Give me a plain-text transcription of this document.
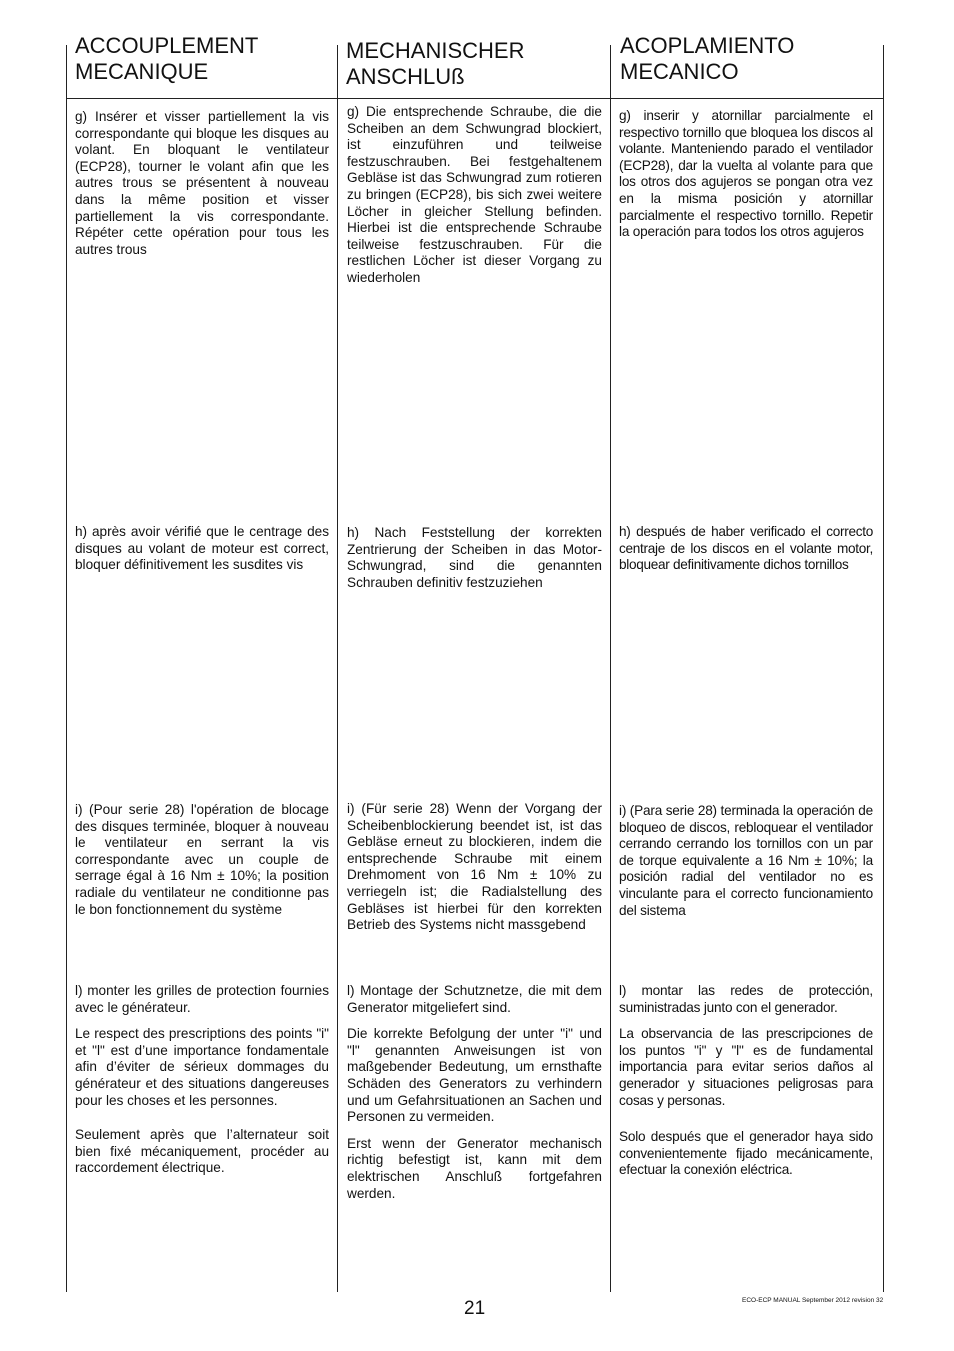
ACCOUPLEMENT
MECANIQUE
MECHANISCHER
ANSCHLUß
ACOPLAMIENTO
MECANICO

g) Insérer et visser partiellement la vis correspondante qui bloque les disques au volant. En bloquant le ventilateur (ECP28), tourner le volant afin que les autres trous se présentent à nouveau dans la même position et visser partiellement la vis correspondante. Répéter cette opération pour tous les autres trous

h) après avoir vérifié que le centrage des disques au volant de moteur est correct, bloquer définitivement les susdites vis

i) (Pour serie 28) l'opération de blocage des disques terminée, bloquer à nouveau le ventilateur en serrant la vis correspondante avec un couple de serrage égal à 16 Nm ± 10%; la position radiale du ventilateur ne conditionne pas le bon fonctionnement du système

l) monter les grilles de protection fournies avec le générateur.

Le respect des prescriptions des points "i" et "l" est d’une importance fondamentale afin d’éviter de sérieux dommages du générateur et des situations dangereuses pour les choses et les personnes.

Seulement après que l’alternateur soit bien fixé mécaniquement, procéder au raccordement électrique.

g) Die entsprechende Schraube, die die Scheiben an dem Schwungrad blockiert, ist einzuführen und teilweise festzuschrauben. Bei festgehaltenem Gebläse ist das Schwungrad zum rotieren zu bringen (ECP28), bis sich zwei weitere Löcher in gleicher Stellung befinden. Hierbei ist die entsprechende Schraube teilweise festzuschrauben. Für die restlichen Löcher ist dieser Vorgang zu wiederholen

h) Nach Feststellung der korrekten Zentrierung der Scheiben in das Motor-Schwungrad, sind die genannten Schrauben definitiv festzuziehen

i) (Für serie 28) Wenn der Vorgang der Scheibenblockierung beendet ist, ist das Gebläse erneut zu blockieren, indem die entsprechende Schraube mit einem Drehmoment von 16 Nm ± 10% zu verriegeln ist; die Radialstellung des Gebläses ist hierbei für den korrekten Betrieb des Systems nicht massgebend

l) Montage der Schutznetze, die mit dem Generator mitgeliefert sind.

Die korrekte Befolgung der unter "i" und "l" genannten Anweisungen ist von maßgebender Bedeutung, um ernsthafte Schäden des Generators zu verhindern und um Gefahrsituationen an Sachen und Personen zu vermeiden.

Erst wenn der Generator mechanisch richtig befestigt ist, kann mit dem elektrischen Anschluß fortgefahren werden.

g) inserir y atornillar parcialmente el respectivo tornillo que bloquea los discos al volante. Manteniendo parado el ventilador (ECP28), dar la vuelta al volante para que los otros dos agujeros se pongan otra vez en la misma posición y atornillar parcialmente el respectivo tornillo. Repetir la operación para todos los otros agujeros

h) después de haber verificado el correcto centraje de los discos en el volante motor, bloquear definitivamente dichos tornillos

i) (Para serie 28) terminada la operación de bloqueo de discos, rebloquear el ventilador cerrando cerrando los tornillos con un par de torque equivalente a 16 Nm ± 10%; la posición radial del ventilador no es vinculante para el correcto funcionamiento del sistema

l) montar las redes de protección, suministradas junto con el generador.

La observancia de las prescripciones de los puntos "i" y "l" es de fundamental importancia para evitar serios daños al generador y situaciones peligrosas para cosas y personas.

Solo después que el generador haya sido convenientemente fijado mecánicamente, efectuar la conexión eléctrica.

21	ECO-ECP MANUAL September 2012 revision 32
